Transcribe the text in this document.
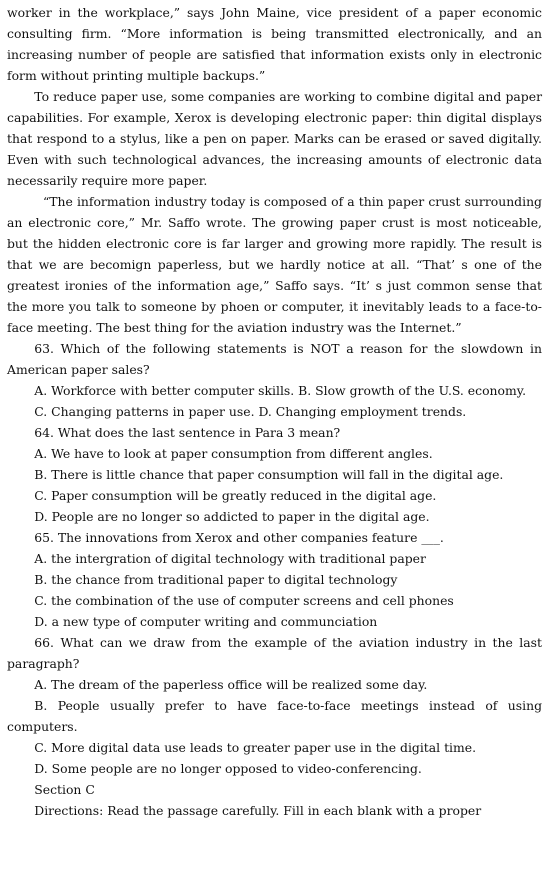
worker in the workplace,” says John Maine, vice president of a paper economic consulting firm. “More information is being transmitted electronically, and an increasing number of people are satisfied that information exists only in electronic form without printing multiple backups.”

To reduce paper use, some companies are working to combine digital and paper capabilities. For example, Xerox is developing electronic paper: thin digital displays that respond to a stylus, like a pen on paper. Marks can be erased or saved digitally. Even with such technological advances, the increasing amounts of electronic data necessarily require more paper.

“The information industry today is composed of a thin paper crust surrounding an electronic core,” Mr. Saffo wrote. The growing paper crust is most noticeable, but the hidden electronic core is far larger and growing more rapidly. The result is that we are becomign paperless, but we hardly notice at all. “That’ s one of the greatest ironies of the information age,” Saffo says. “It’ s just common sense that the more you talk to someone by phoen or computer, it inevitably leads to a face-to-face meeting. The best thing for the aviation industry was the Internet.”

63. Which of the following statements is NOT a reason for the slowdown in American paper sales?

A. Workforce with better computer skills. B. Slow growth of the U.S. economy.

C. Changing patterns in paper use. D. Changing employment trends.

64. What does the last sentence in Para 3 mean?

A. We have to look at paper consumption from different angles.

B. There is little chance that paper consumption will fall in the digital age.

C. Paper consumption will be greatly reduced in the digital age.

D. People are no longer so addicted to paper in the digital age.

65. The innovations from Xerox and other companies feature ___.

A. the intergration of digital technology with traditional paper

B. the chance from traditional paper to digital technology

C. the combination of the use of computer screens and cell phones

D. a new type of computer writing and communciation

66. What can we draw from the example of the aviation industry in the last paragraph?

A. The dream of the paperless office will be realized some day.

B. People usually prefer to have face-to-face meetings instead of using computers.

C. More digital data use leads to greater paper use in the digital time.

D. Some people are no longer opposed to video-conferencing.

Section C

Directions: Read the passage carefully. Fill in each blank with a proper
